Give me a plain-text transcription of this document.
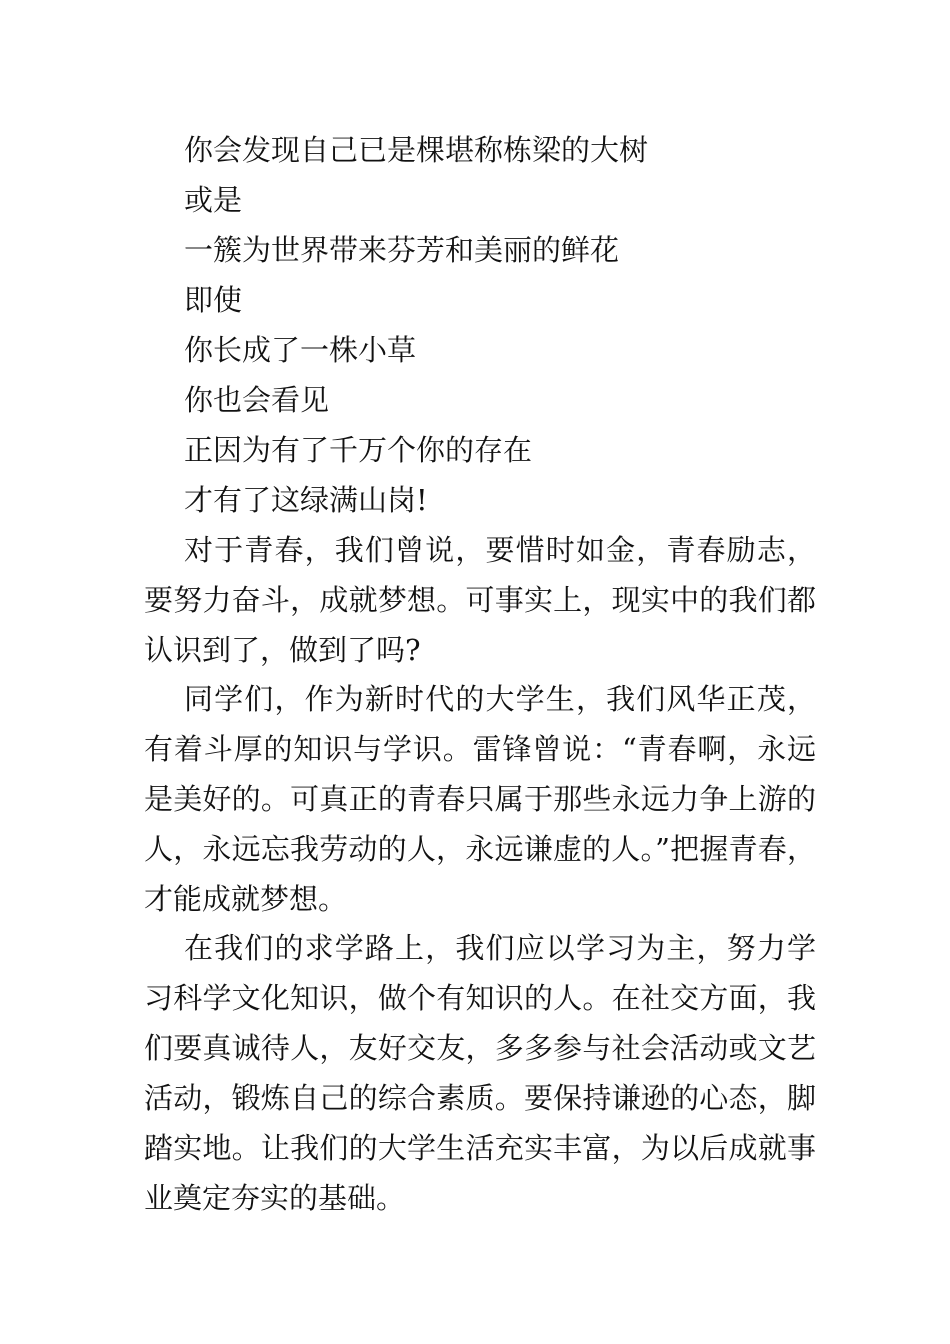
你会发现自己已是棵堪称栋梁的大树
或是
一簇为世界带来芬芳和美丽的鲜花
即使
你长成了一株小草
你也会看见
正因为有了千万个你的存在
才有了这绿满山岗!

对于青春，我们曾说，要惜时如金，青春励志，要努力奋斗，成就梦想。可事实上，现实中的我们都认识到了，做到了吗?

同学们，作为新时代的大学生，我们风华正茂，有着斗厚的知识与学识。雷锋曾说：“青春啊，永远是美好的。可真正的青春只属于那些永远力争上游的人，永远忘我劳动的人，永远谦虚的人。”把握青春，才能成就梦想。

在我们的求学路上，我们应以学习为主，努力学习科学文化知识，做个有知识的人。在社交方面，我们要真诚待人，友好交友，多多参与社会活动或文艺活动，锻炼自己的综合素质。要保持谦逊的心态，脚踏实地。让我们的大学生活充实丰富，为以后成就事业奠定夯实的基础。
